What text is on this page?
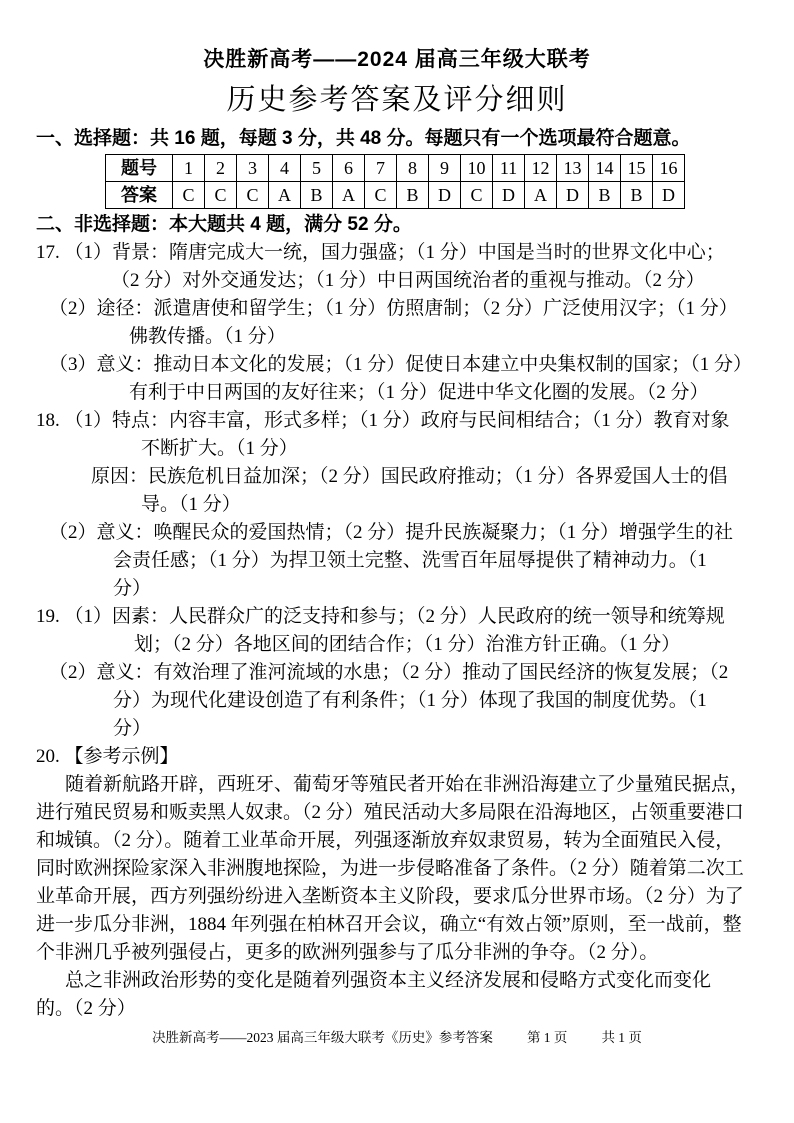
决胜新高考——2024 届高三年级大联考
历史参考答案及评分细则
一、选择题：共 16 题，每题 3 分，共 48 分。每题只有一个选项最符合题意。
题号	1	2	3	4	5	6	7	8	9	10	11	12	13	14	15	16
答案	C	C	C	A	B	A	C	B	D	C	D	A	D	B	B	D
二、非选择题：本大题共 4 题，满分 52 分。
17. （1）背景：隋唐完成大一统，国力强盛；（1 分）中国是当时的世界文化中心；
（2 分）对外交通发达；（1 分）中日两国统治者的重视与推动。（2 分）
（2）途径：派遣唐使和留学生；（1 分）仿照唐制；（2 分）广泛使用汉字；（1 分）
佛教传播。（1 分）
（3）意义：推动日本文化的发展；（1 分）促使日本建立中央集权制的国家；（1 分）
有利于中日两国的友好往来；（1 分）促进中华文化圈的发展。（2 分）
18. （1）特点：内容丰富，形式多样；（1 分）政府与民间相结合；（1 分）教育对象
不断扩大。（1 分）
原因：民族危机日益加深；（2 分）国民政府推动；（1 分）各界爱国人士的倡
导。（1 分）
（2）意义：唤醒民众的爱国热情；（2 分）提升民族凝聚力；（1 分）增强学生的社
会责任感；（1 分）为捍卫领土完整、洗雪百年屈辱提供了精神动力。（1
分）
19. （1）因素：人民群众广的泛支持和参与；（2 分）人民政府的统一领导和统筹规
划；（2 分）各地区间的团结合作；（1 分）治淮方针正确。（1 分）
（2）意义：有效治理了淮河流域的水患；（2 分）推动了国民经济的恢复发展；（2
分）为现代化建设创造了有利条件；（1 分）体现了我国的制度优势。（1
分）
20. 【参考示例】
随着新航路开辟，西班牙、葡萄牙等殖民者开始在非洲沿海建立了少量殖民据点，
进行殖民贸易和贩卖黑人奴隶。（2 分）殖民活动大多局限在沿海地区，占领重要港口
和城镇。（2 分）。随着工业革命开展，列强逐渐放弃奴隶贸易，转为全面殖民入侵，
同时欧洲探险家深入非洲腹地探险，为进一步侵略准备了条件。（2 分）随着第二次工
业革命开展，西方列强纷纷进入垄断资本主义阶段，要求瓜分世界市场。（2 分）为了
进一步瓜分非洲，1884 年列强在柏林召开会议，确立“有效占领”原则，至一战前，整
个非洲几乎被列强侵占，更多的欧洲列强参与了瓜分非洲的争夺。（2 分）。
总之非洲政治形势的变化是随着列强资本主义经济发展和侵略方式变化而变化
的。（2 分）
决胜新高考——2023 届高三年级大联考《历史》参考答案	第 1 页	共 1 页
